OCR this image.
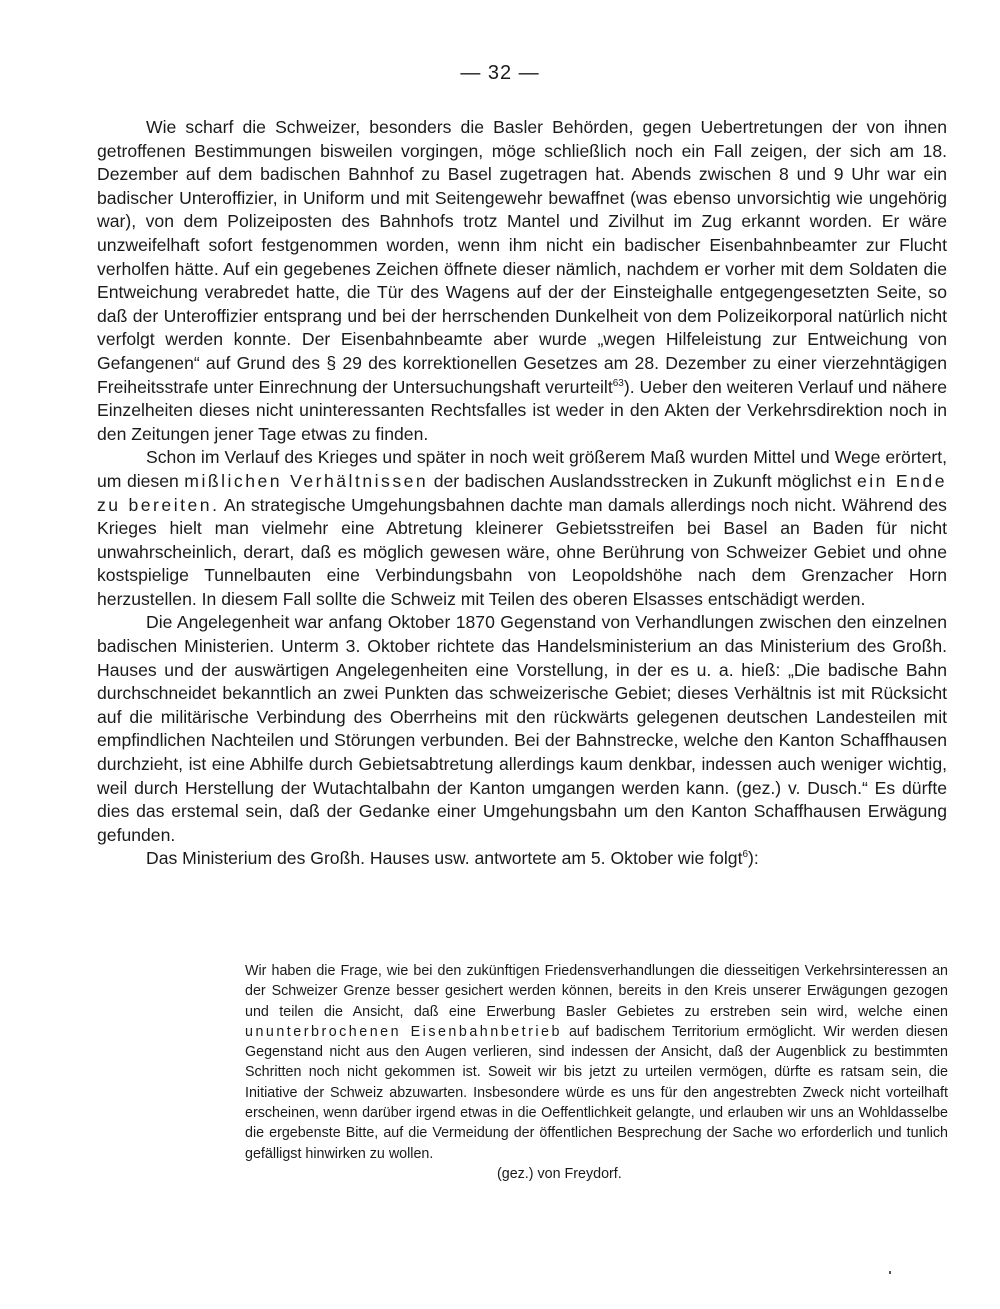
— 32 —

Wie scharf die Schweizer, besonders die Basler Behörden, gegen Uebertretungen der von ihnen getroffenen Bestimmungen bisweilen vorgingen, möge schließlich noch ein Fall zeigen, der sich am 18. Dezember auf dem badischen Bahnhof zu Basel zugetragen hat. Abends zwischen 8 und 9 Uhr war ein badischer Unteroffizier, in Uniform und mit Seitengewehr bewaffnet (was ebenso unvorsichtig wie ungehörig war), von dem Polizeiposten des Bahnhofs trotz Mantel und Zivilhut im Zug erkannt worden. Er wäre unzweifelhaft sofort festgenommen worden, wenn ihm nicht ein badischer Eisenbahnbeamter zur Flucht verholfen hätte. Auf ein gegebenes Zeichen öffnete dieser nämlich, nachdem er vorher mit dem Soldaten die Entweichung verabredet hatte, die Tür des Wagens auf der der Einsteighalle entgegengesetzten Seite, so daß der Unteroffizier entsprang und bei der herrschenden Dunkelheit von dem Polizeikorporal natürlich nicht verfolgt werden konnte. Der Eisenbahnbeamte aber wurde „wegen Hilfeleistung zur Entweichung von Gefangenen“ auf Grund des § 29 des korrektionellen Gesetzes am 28. Dezember zu einer vierzehntägigen Freiheitsstrafe unter Einrechnung der Untersuchungshaft verurteilt$^{63}$). Ueber den weiteren Verlauf und nähere Einzelheiten dieses nicht uninteressanten Rechtsfalles ist weder in den Akten der Verkehrsdirektion noch in den Zeitungen jener Tage etwas zu finden.

Schon im Verlauf des Krieges und später in noch weit größerem Maß wurden Mittel und Wege erörtert, um diesen mißlichen Verhältnissen der badischen Auslandsstrecken in Zukunft möglichst ein Ende zu bereiten. An strategische Umgehungsbahnen dachte man damals allerdings noch nicht. Während des Krieges hielt man vielmehr eine Abtretung kleinerer Gebietsstreifen bei Basel an Baden für nicht unwahrscheinlich, derart, daß es möglich gewesen wäre, ohne Berührung von Schweizer Gebiet und ohne kostspielige Tunnelbauten eine Verbindungsbahn von Leopoldshöhe nach dem Grenzacher Horn herzustellen. In diesem Fall sollte die Schweiz mit Teilen des oberen Elsasses entschädigt werden.

Die Angelegenheit war anfang Oktober 1870 Gegenstand von Verhandlungen zwischen den einzelnen badischen Ministerien. Unterm 3. Oktober richtete das Handelsministerium an das Ministerium des Großh. Hauses und der auswärtigen Angelegenheiten eine Vorstellung, in der es u. a. hieß: „Die badische Bahn durchschneidet bekanntlich an zwei Punkten das schweizerische Gebiet; dieses Verhältnis ist mit Rücksicht auf die militärische Verbindung des Oberrheins mit den rückwärts gelegenen deutschen Landesteilen mit empfindlichen Nachteilen und Störungen verbunden. Bei der Bahnstrecke, welche den Kanton Schaffhausen durchzieht, ist eine Abhilfe durch Gebietsabtretung allerdings kaum denkbar, indessen auch weniger wichtig, weil durch Herstellung der Wutachtalbahn der Kanton umgangen werden kann. (gez.) v. Dusch.“ Es dürfte dies das erstemal sein, daß der Gedanke einer Umgehungsbahn um den Kanton Schaffhausen Erwägung gefunden.

Das Ministerium des Großh. Hauses usw. antwortete am 5. Oktober wie folgt$^6$):

Wir haben die Frage, wie bei den zukünftigen Friedensverhandlungen die diesseitigen Verkehrsinteressen an der Schweizer Grenze besser gesichert werden können, bereits in den Kreis unserer Erwägungen gezogen und teilen die Ansicht, daß eine Erwerbung Basler Gebietes zu erstreben sein wird, welche einen ununterbrochenen Eisenbahnbetrieb auf badischem Territorium ermöglicht. Wir werden diesen Gegenstand nicht aus den Augen verlieren, sind indessen der Ansicht, daß der Augenblick zu bestimmten Schritten noch nicht gekommen ist. Soweit wir bis jetzt zu urteilen vermögen, dürfte es ratsam sein, die Initiative der Schweiz abzuwarten. Insbesondere würde es uns für den angestrebten Zweck nicht vorteilhaft erscheinen, wenn darüber irgend etwas in die Oeffentlichkeit gelangte, und erlauben wir uns an Wohldasselbe die ergebenste Bitte, auf die Vermeidung der öffentlichen Besprechung der Sache wo erforderlich und tunlich gefälligst hinwirken zu wollen.

(gez.) von Freydorf.
